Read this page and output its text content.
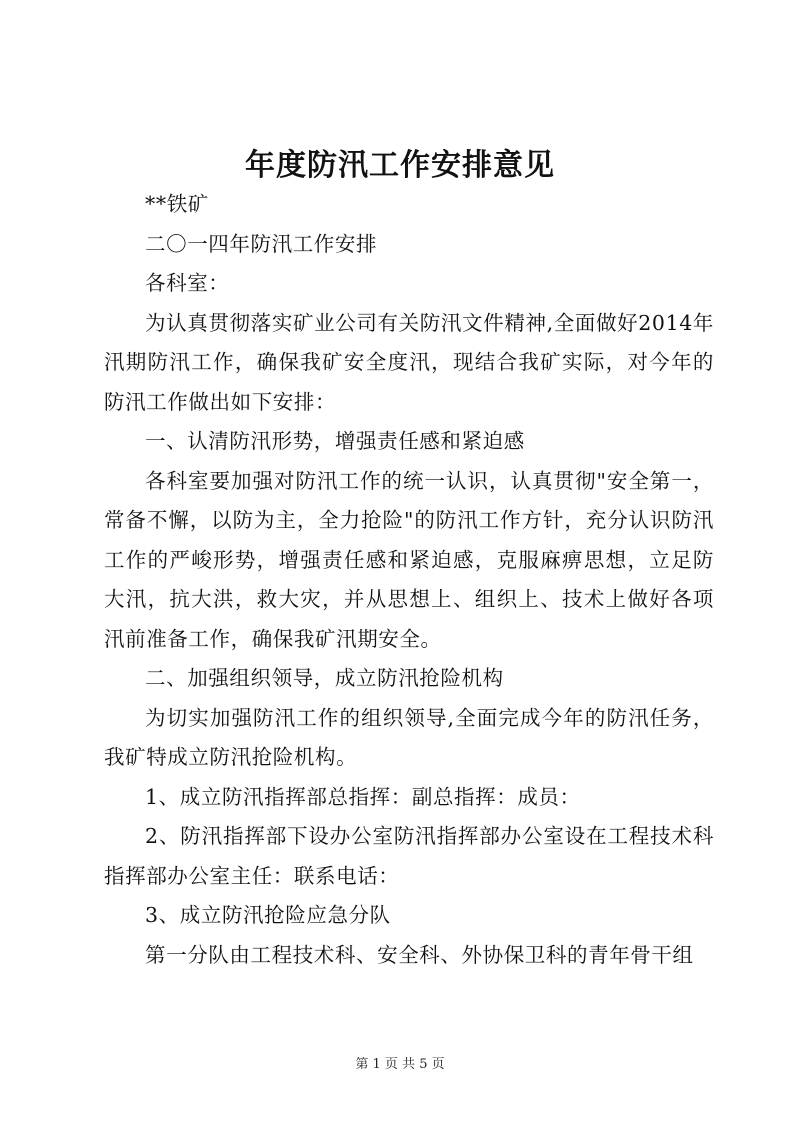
年度防汛工作安排意见

**铁矿

二〇一四年防汛工作安排

各科室：

为认真贯彻落实矿业公司有关防汛文件精神,全面做好2014年汛期防汛工作，确保我矿安全度汛，现结合我矿实际，对今年的防汛工作做出如下安排：

一、认清防汛形势，增强责任感和紧迫感

各科室要加强对防汛工作的统一认识，认真贯彻"安全第一，常备不懈，以防为主，全力抢险"的防汛工作方针，充分认识防汛工作的严峻形势，增强责任感和紧迫感，克服麻痹思想，立足防大汛，抗大洪，救大灾，并从思想上、组织上、技术上做好各项汛前准备工作，确保我矿汛期安全。

二、加强组织领导，成立防汛抢险机构

为切实加强防汛工作的组织领导,全面完成今年的防汛任务，我矿特成立防汛抢险机构。

1、成立防汛指挥部总指挥：副总指挥：成员：

2、防汛指挥部下设办公室防汛指挥部办公室设在工程技术科指挥部办公室主任：联系电话：

3、成立防汛抢险应急分队

第一分队由工程技术科、安全科、外协保卫科的青年骨干组

第 1 页 共 5 页
